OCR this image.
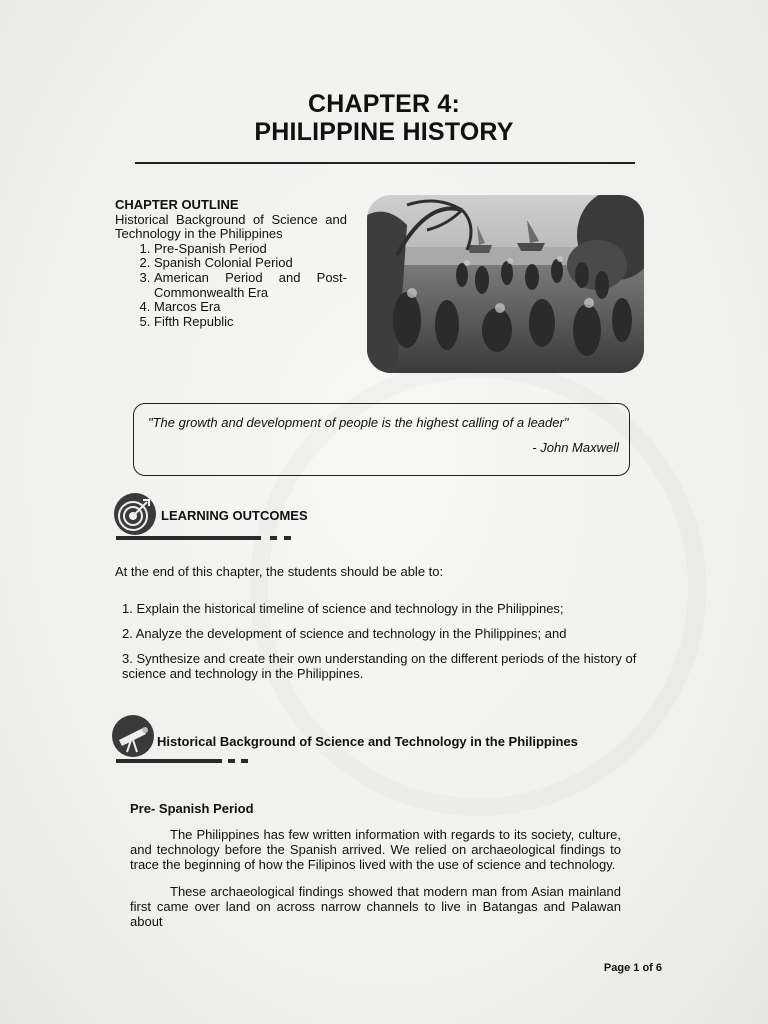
CHAPTER 4:
PHILIPPINE HISTORY
CHAPTER OUTLINE
Historical Background of Science and Technology in the Philippines
1. Pre-Spanish Period
2. Spanish Colonial Period
3. American Period and Post-Commonwealth Era
4. Marcos Era
5. Fifth Republic
"The growth and development of people is the highest calling of a leader"
- John Maxwell
LEARNING OUTCOMES
At the end of this chapter, the students should be able to:
1. Explain the historical timeline of science and technology in the Philippines;
2. Analyze the development of science and technology in the Philippines; and
3. Synthesize and create their own understanding on the different periods of the history of science and technology in the Philippines.
Historical Background of Science and Technology in the Philippines
Pre- Spanish Period
The Philippines has few written information with regards to its society, culture, and technology before the Spanish arrived. We relied on archaeological findings to trace the beginning of how the Filipinos lived with the use of science and technology.
These archaeological findings showed that modern man from Asian mainland first came over land on across narrow channels to live in Batangas and Palawan about
Page 1 of 6
